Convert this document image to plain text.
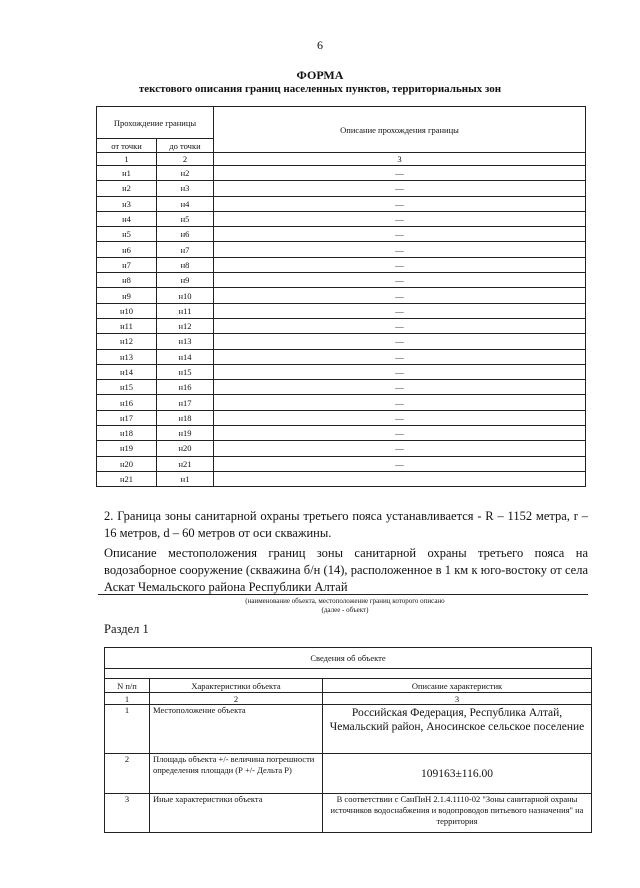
6
ФОРМА
текстового описания границ населенных пунктов, территориальных зон
Прохождение границы		Описание прохождения границы
от точки	до точки	
1	2	3
н1	н2	—
н2	н3	—
н3	н4	—
н4	н5	—
н5	н6	—
н6	н7	—
н7	н8	—
н8	н9	—
н9	н10	—
н10	н11	—
н11	н12	—
н12	н13	—
н13	н14	—
н14	н15	—
н15	н16	—
н16	н17	—
н17	н18	—
н18	н19	—
н19	н20	—
н20	н21	—
н21	н1	
2. Граница зоны санитарной охраны третьего пояса устанавливается - R – 1152 метра, r – 16 метров, d – 60 метров от оси скважины.
Описание местоположения границ зоны санитарной охраны третьего пояса на водозаборное сооружение (скважина б/н (14), расположенное в 1 км к юго-востоку от села Аскат Чемальского района Республики Алтай
(наименование объекта, местоположение границ которого описано
(далее - объект)
Раздел 1
Сведения об объекте		

N п/п	Характеристики объекта	Описание характеристик
1	2	3
1	Местоположение объекта	Российская Федерация, Республика Алтай, Чемальский район, Аносинское сельское поселение
2	Площадь объекта +/- величина погрешности определения площади (Р +/- Дельта Р)	109163±116.00
3	Иные характеристики объекта	В соответствии с СанПиН 2.1.4.1110-02 "Зоны санитарной охраны источников водоснабжения и водопроводов питьевого назначения" на территория
